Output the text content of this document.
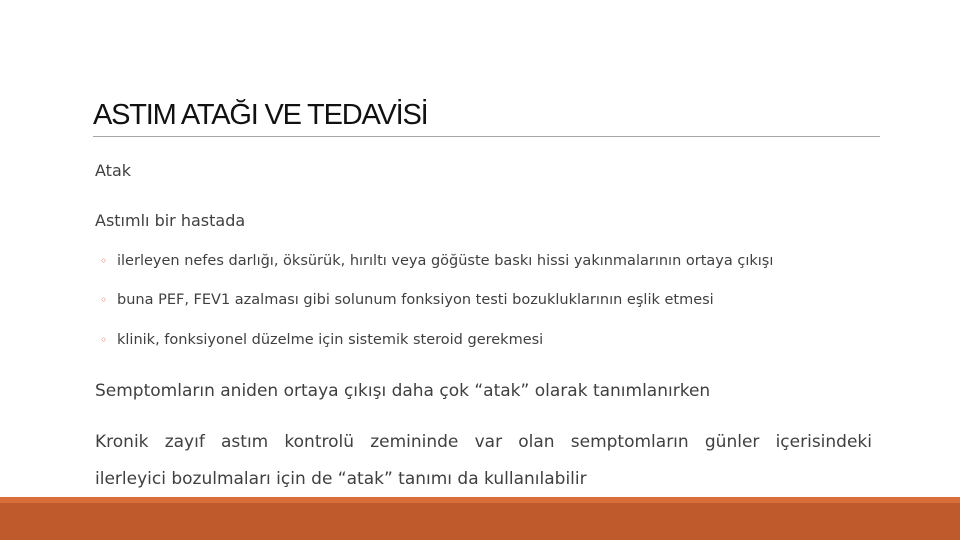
ASTIM ATAĞI VE TEDAVİSİ
Atak
Astımlı bir hastada
◦ ilerleyen nefes darlığı, öksürük, hırıltı veya göğüste baskı hissi yakınmalarının ortaya çıkışı
◦ buna PEF, FEV1 azalması gibi solunum fonksiyon testi bozukluklarının eşlik etmesi
◦ klinik, fonksiyonel düzelme için sistemik steroid gerekmesi
Semptomların aniden ortaya çıkışı daha çok “atak” olarak tanımlanırken
Kronik zayıf astım kontrolü zemininde var olan semptomların günler içerisindeki
ilerleyici bozulmaları için de “atak” tanımı da kullanılabilir
